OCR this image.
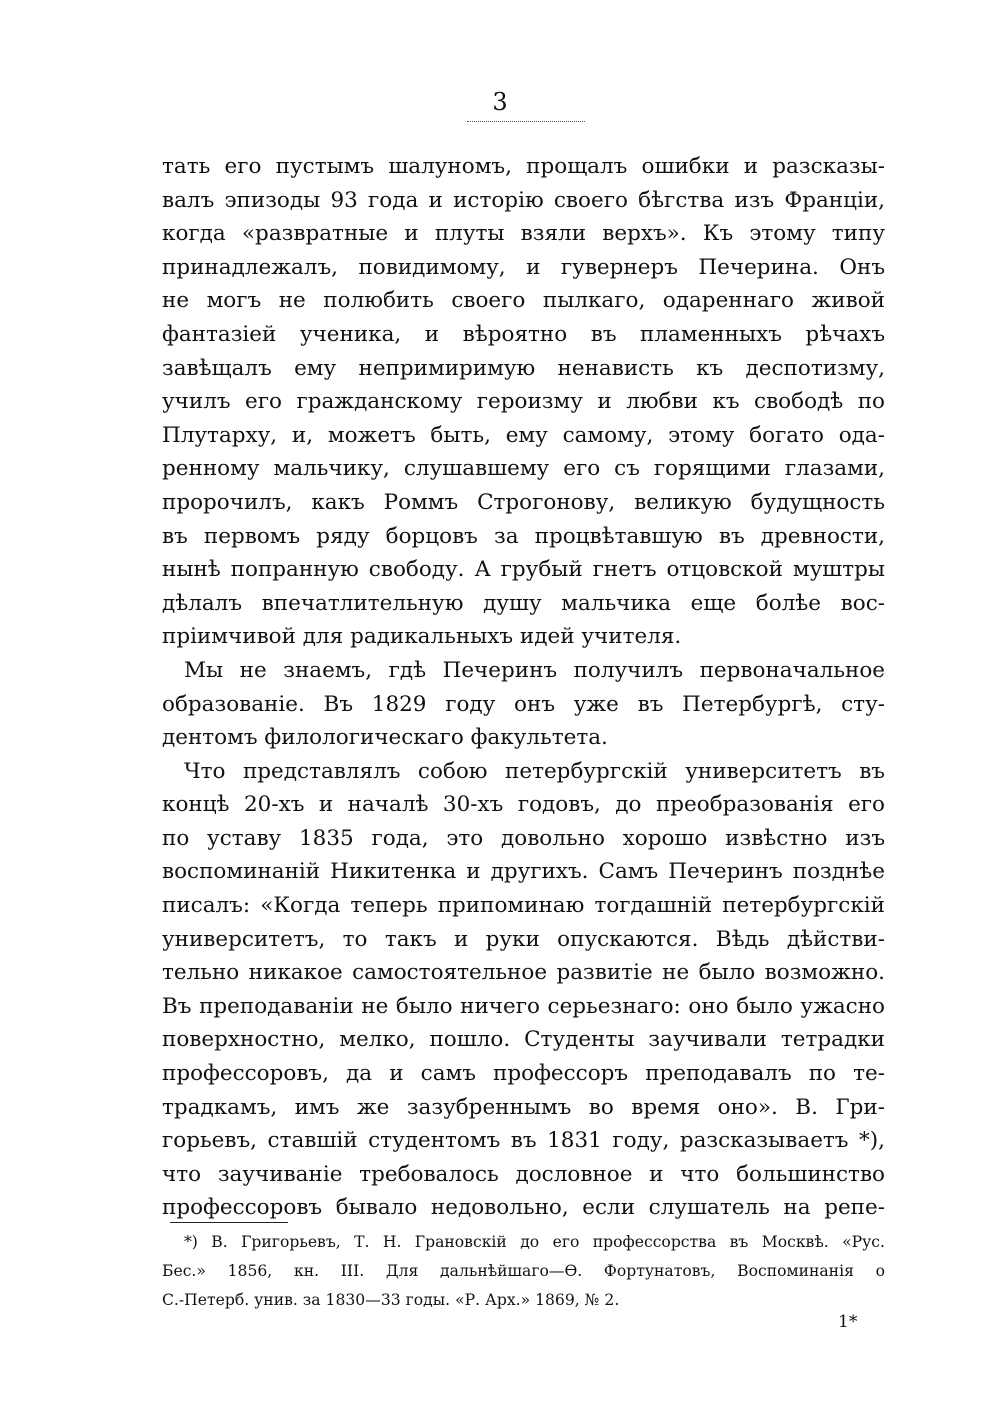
3
тать его пустымъ шалуномъ, прощалъ ошибки и разсказы-
валъ эпизоды 93 года и исторію своего бѣгства изъ Франціи,
когда «развратные и плуты взяли верхъ». Къ этому типу
принадлежалъ, повидимому, и гувернеръ Печерина. Онъ
не могъ не полюбить своего пылкаго, одареннаго живой
фантазіей ученика, и вѣроятно въ пламенныхъ рѣчахъ
завѣщалъ ему непримиримую ненависть къ деспотизму,
училъ его гражданскому героизму и любви къ свободѣ по
Плутарху, и, можетъ быть, ему самому, этому богато ода-
ренному мальчику, слушавшему его съ горящими глазами,
пророчилъ, какъ Роммъ Строгонову, великую будущность
въ первомъ ряду борцовъ за процвѣтавшую въ древности,
нынѣ попранную свободу. А грубый гнетъ отцовской муштры
дѣлалъ впечатлительную душу мальчика еще болѣе вос-
пріимчивой для радикальныхъ идей учителя.
Мы не знаемъ, гдѣ Печеринъ получилъ первоначальное
образованіе. Въ 1829 году онъ уже въ Петербургѣ, сту-
дентомъ филологическаго факультета.
Что представлялъ собою петербургскій университетъ въ
концѣ 20-хъ и началѣ 30-хъ годовъ, до преобразованія его
по уставу 1835 года, это довольно хорошо извѣстно изъ
воспоминаній Никитенка и другихъ. Самъ Печеринъ позднѣе
писалъ: «Когда теперь припоминаю тогдашній петербургскій
университетъ, то такъ и руки опускаются. Вѣдь дѣйстви-
тельно никакое самостоятельное развитіе не было возможно.
Въ преподаваніи не было ничего серьезнаго: оно было ужасно
поверхностно, мелко, пошло. Студенты заучивали тетрадки
профессоровъ, да и самъ профессоръ преподавалъ по те-
традкамъ, имъ же зазубреннымъ во время оно». В. Гри-
горьевъ, ставшій студентомъ въ 1831 году, разсказываетъ *),
что заучиваніе требовалось дословное и что большинство
профессоровъ бывало недовольно, если слушатель на репе-
*) В. Григорьевъ, Т. Н. Грановскій до его профессорства въ Москвѣ. «Рус.
Бес.» 1856, кн. III. Для дальнѣйшаго—Ѳ. Фортунатовъ, Воспоминанія о
С.-Петерб. унив. за 1830—33 годы. «Р. Арх.» 1869, № 2.
1*
